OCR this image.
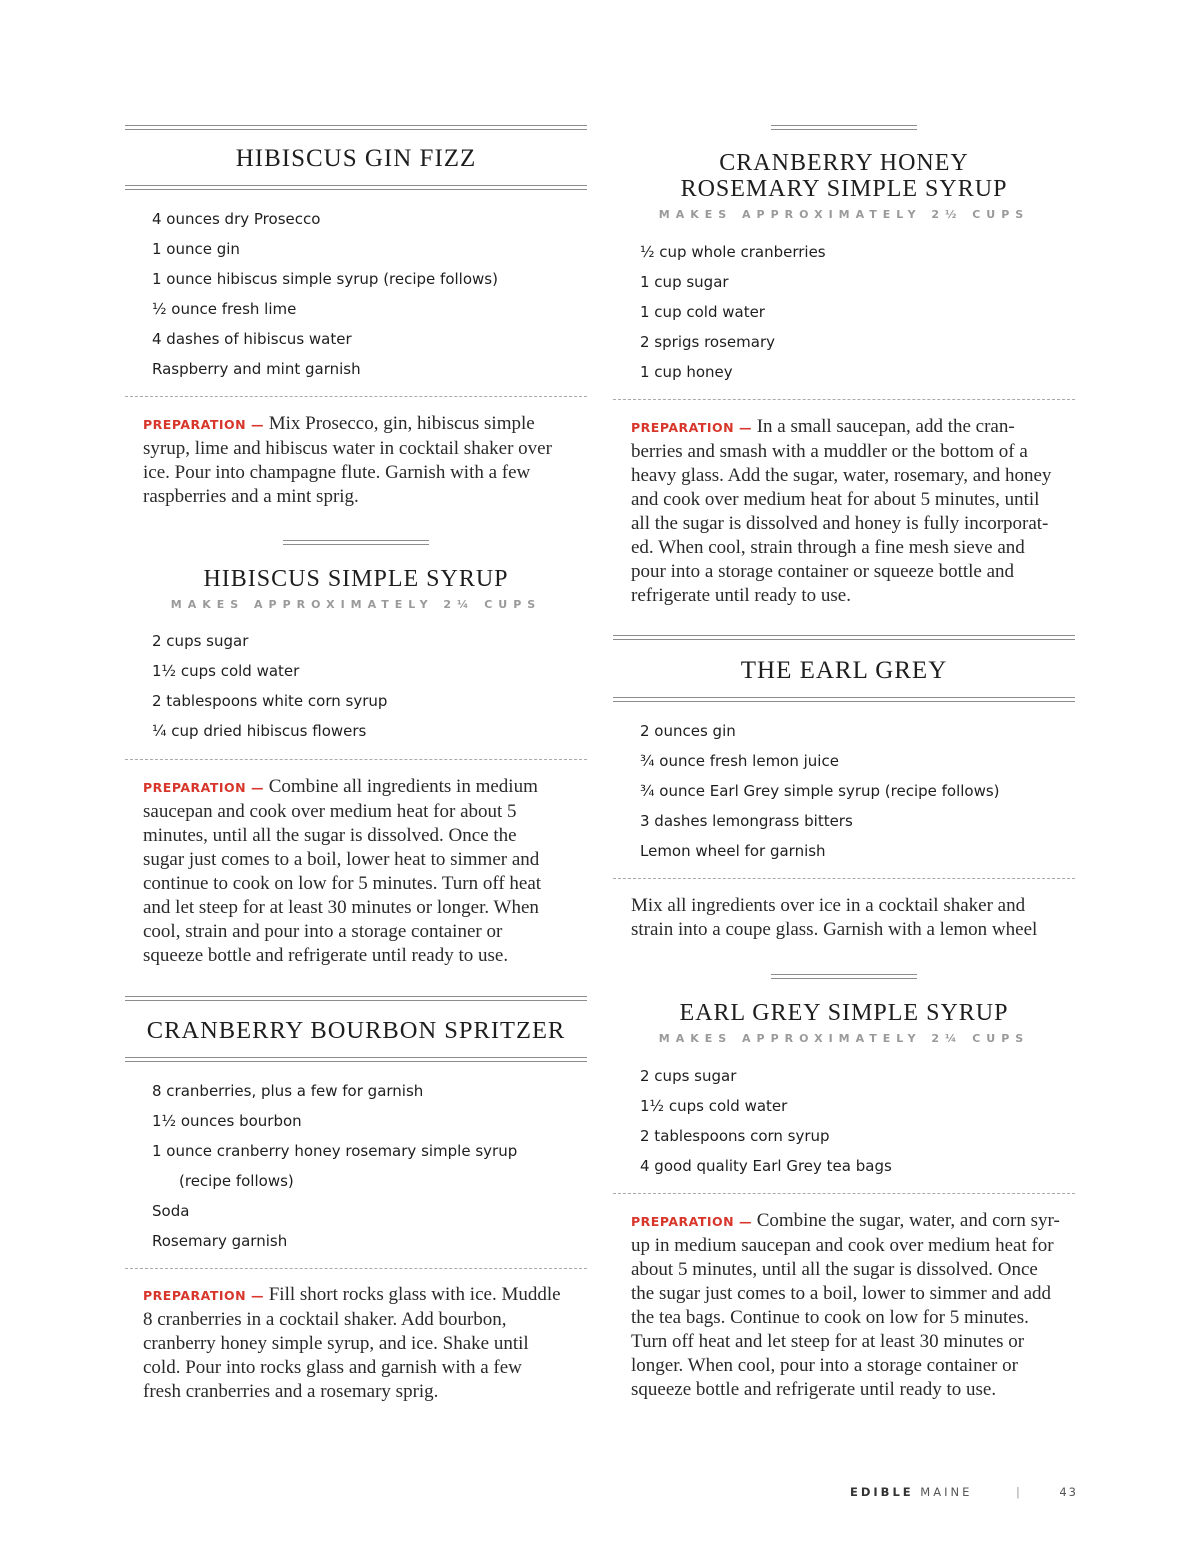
HIBISCUS GIN FIZZ
4 ounces dry Prosecco
1 ounce gin
1 ounce hibiscus simple syrup (recipe follows)
½ ounce fresh lime
4 dashes of hibiscus water
Raspberry and mint garnish

PREPARATION — Mix Prosecco, gin, hibiscus simple
syrup, lime and hibiscus water in cocktail shaker over
ice. Pour into champagne flute. Garnish with a few
raspberries and a mint sprig.

HIBISCUS SIMPLE SYRUP
MAKES APPROXIMATELY 2¼ CUPS
2 cups sugar
1½ cups cold water
2 tablespoons white corn syrup
¼ cup dried hibiscus flowers

PREPARATION — Combine all ingredients in medium
saucepan and cook over medium heat for about 5
minutes, until all the sugar is dissolved. Once the
sugar just comes to a boil, lower heat to simmer and
continue to cook on low for 5 minutes. Turn off heat
and let steep for at least 30 minutes or longer. When
cool, strain and pour into a storage container or
squeeze bottle and refrigerate until ready to use.

CRANBERRY BOURBON SPRITZER
8 cranberries, plus a few for garnish
1½ ounces bourbon
1 ounce cranberry honey rosemary simple syrup
(recipe follows)
Soda
Rosemary garnish

PREPARATION — Fill short rocks glass with ice. Muddle
8 cranberries in a cocktail shaker. Add bourbon,
cranberry honey simple syrup, and ice. Shake until
cold. Pour into rocks glass and garnish with a few
fresh cranberries and a rosemary sprig.

CRANBERRY HONEY
ROSEMARY SIMPLE SYRUP
MAKES APPROXIMATELY 2½ CUPS
½ cup whole cranberries
1 cup sugar
1 cup cold water
2 sprigs rosemary
1 cup honey

PREPARATION — In a small saucepan, add the cran-
berries and smash with a muddler or the bottom of a
heavy glass. Add the sugar, water, rosemary, and honey
and cook over medium heat for about 5 minutes, until
all the sugar is dissolved and honey is fully incorporat-
ed. When cool, strain through a fine mesh sieve and
pour into a storage container or squeeze bottle and
refrigerate until ready to use.

THE EARL GREY
2 ounces gin
¾ ounce fresh lemon juice
¾ ounce Earl Grey simple syrup (recipe follows)
3 dashes lemongrass bitters
Lemon wheel for garnish

Mix all ingredients over ice in a cocktail shaker and
strain into a coupe glass. Garnish with a lemon wheel

EARL GREY SIMPLE SYRUP
MAKES APPROXIMATELY 2¼ CUPS
2 cups sugar
1½ cups cold water
2 tablespoons corn syrup
4 good quality Earl Grey tea bags

PREPARATION — Combine the sugar, water, and corn syr-
up in medium saucepan and cook over medium heat for
about 5 minutes, until all the sugar is dissolved. Once
the sugar just comes to a boil, lower to simmer and add
the tea bags. Continue to cook on low for 5 minutes.
Turn off heat and let steep for at least 30 minutes or
longer. When cool, pour into a storage container or
squeeze bottle and refrigerate until ready to use.

EDIBLE MAINE	|	43
